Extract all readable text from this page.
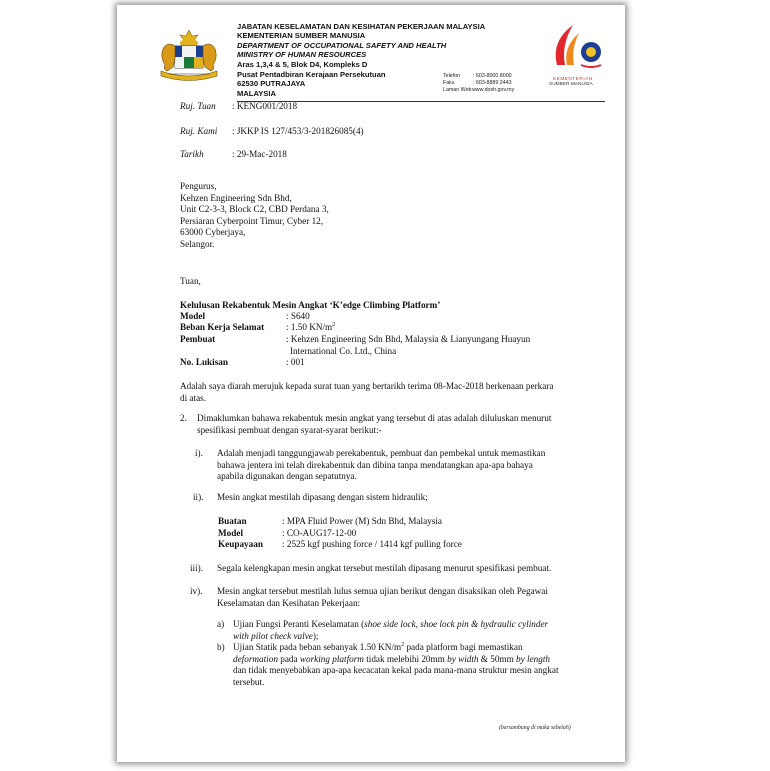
JABATAN KESELAMATAN DAN KESIHATAN PEKERJAAN MALAYSIA
KEMENTERIAN SUMBER MANUSIA
DEPARTMENT OF OCCUPATIONAL SAFETY AND HEALTH
MINISTRY OF HUMAN RESOURCES
Aras 1,3,4 & 5, Blok D4, Kompleks D
Pusat Pentadbiran Kerajaan Persekutuan
62530 PUTRAJAYA
MALAYSIA
Telefon : 603-8000 8000
Faks	: 603-8889 2443
Laman Web
: www.dosh.gov.my
KEMENTERIAN
SUMBER MANUSIA
Ruj. Tuan : KENG001/2018
Ruj. Kami : JKKP IS 127/453/3-201826085(4)
Tarikh	: 29-Mac-2018
Pengurus,
Kehzen Engineering Sdn Bhd,
Unit C2-3-3, Block C2, CBD Perdana 3,
Persiaran Cyberpoint Timur, Cyber 12,
63000 Cyberjaya,
Selangor.
Tuan,
Kelulusan Rekabentuk Mesin Angkat ‘K’edge Climbing Platform’
Model	: S640
Beban Kerja Selamat : 1.50 $KN/m^2$
Pembuat	: Kehzen Engineering Sdn Bhd, Malaysia & Lianyungang Huayun
International Co. Ltd., China
No. Lukisan	: 001
Adalah saya diarah merujuk kepada surat tuan yang bertarikh terima 08-Mac-2018 berkenaan perkara
di atas.
2. Dimaklumkan bahawa rekabentuk mesin angkat yang tersebut di atas adalah diluluskan menurut
spesifikasi pembuat dengan syarat-syarat berikut:-
i). Adalah menjadi tanggungjawab perekabentuk, pembuat dan pembekal untuk memastikan
bahawa jentera ini telah direkabentuk dan dibina tanpa mendatangkan apa-apa bahaya
apabila digunakan dengan sepatutnya.
ii). Mesin angkat mestilah dipasang dengan sistem hidraulik;
Buatan	: MPA Fluid Power (M) Sdn Bhd, Malaysia
Model	: CO-AUG17-12-00
Keupayaan : 2525 kgf pushing force / 1414 kgf pulling force
iii). Segala kelengkapan mesin angkat tersebut mestilah dipasang menurut spesifikasi pembuat.
iv). Mesin angkat tersebut mestilah lulus semua ujian berikut dengan disaksikan oleh Pegawai
Keselamatan dan Kesihatan Pekerjaan:
a) Ujian Fungsi Peranti Keselamatan (shoe side lock, shoe lock pin & hydraulic cylinder
with pilot check valve);
b) Ujian Statik pada beban sebanyak 1.50 $KN/m^2$ pada platform bagi memastikan
deformation pada working platform tidak melebihi 20mm by width & 50mm by length
dan tidak menyebabkan apa-apa kecacatan kekal pada mana-mana struktur mesin angkat
tersebut.
(bersambung di muka sebelah)
